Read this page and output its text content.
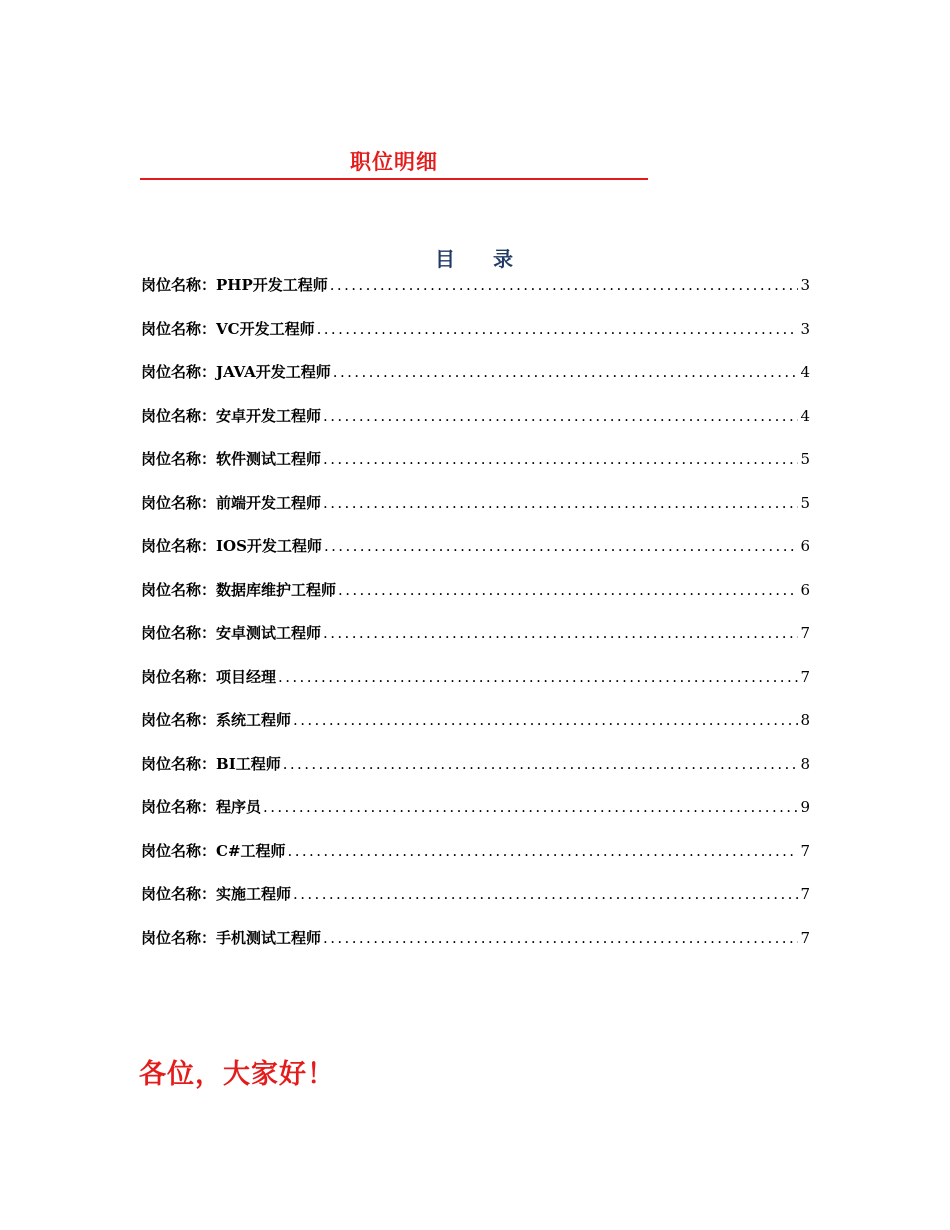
职位明细
目 录
岗位名称：PHP开发工程师 .....	3
岗位名称：VC开发工程师 .....	3
岗位名称：JAVA开发工程师 .....	4
岗位名称：安卓开发工程师 .....	4
岗位名称：软件测试工程师 .....	5
岗位名称：前端开发工程师 .....	5
岗位名称：IOS开发工程师 .....	6
岗位名称：数据库维护工程师 .....	6
岗位名称：安卓测试工程师 .....	7
岗位名称：项目经理 .....	7
岗位名称：系统工程师 .....	8
岗位名称：BI工程师 .....	8
岗位名称：程序员 .....	9
岗位名称：C#工程师 .....	7
岗位名称：实施工程师 .....	7
岗位名称：手机测试工程师 .....	7
各位，大家好！
